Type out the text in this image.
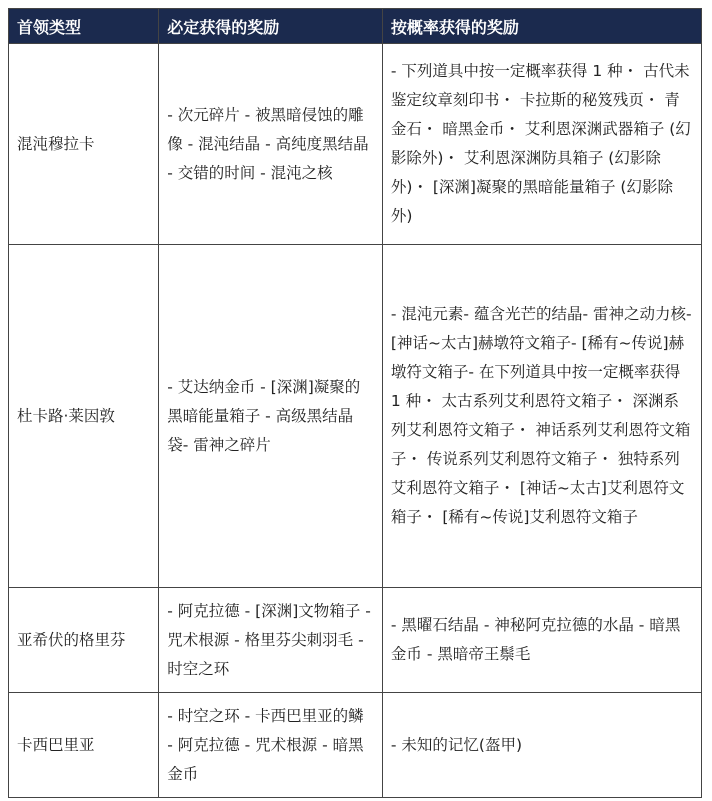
首领类型	必定获得的奖励	按概率获得的奖励
混沌穆拉卡	- 次元碎片 - 被黑暗侵蚀的雕像 - 混沌结晶 - 高纯度黑结晶 - 交错的时间 - 混沌之核	- 下列道具中按一定概率获得 1 种・ 古代未鉴定纹章刻印书・ 卡拉斯的秘笈残页・ 青金石・ 暗黑金币・ 艾利恩深渊武器箱子 (幻影除外)・ 艾利恩深渊防具箱子 (幻影除外)・ [深渊]凝聚的黑暗能量箱子 (幻影除外)
杜卡路·莱因敦	- 艾达纳金币 - [深渊]凝聚的黑暗能量箱子 - 高级黑结晶袋- 雷神之碎片	- 混沌元素- 蕴含光芒的结晶- 雷神之动力核- [神话~太古]赫墩符文箱子- [稀有~传说]赫墩符文箱子- 在下列道具中按一定概率获得 1 种・ 太古系列艾利恩符文箱子・ 深渊系列艾利恩符文箱子・ 神话系列艾利恩符文箱子・ 传说系列艾利恩符文箱子・ 独特系列艾利恩符文箱子・ [神话~太古]艾利恩符文箱子・ [稀有~传说]艾利恩符文箱子
亚希伏的格里芬	- 阿克拉德 - [深渊]文物箱子 - 咒术根源 - 格里芬尖刺羽毛 - 时空之环	- 黑曜石结晶 - 神秘阿克拉德的水晶 - 暗黑金币 - 黑暗帝王鬃毛
卡西巴里亚	- 时空之环 - 卡西巴里亚的鳞 - 阿克拉德 - 咒术根源 - 暗黑金币	- 未知的记忆(盔甲)
